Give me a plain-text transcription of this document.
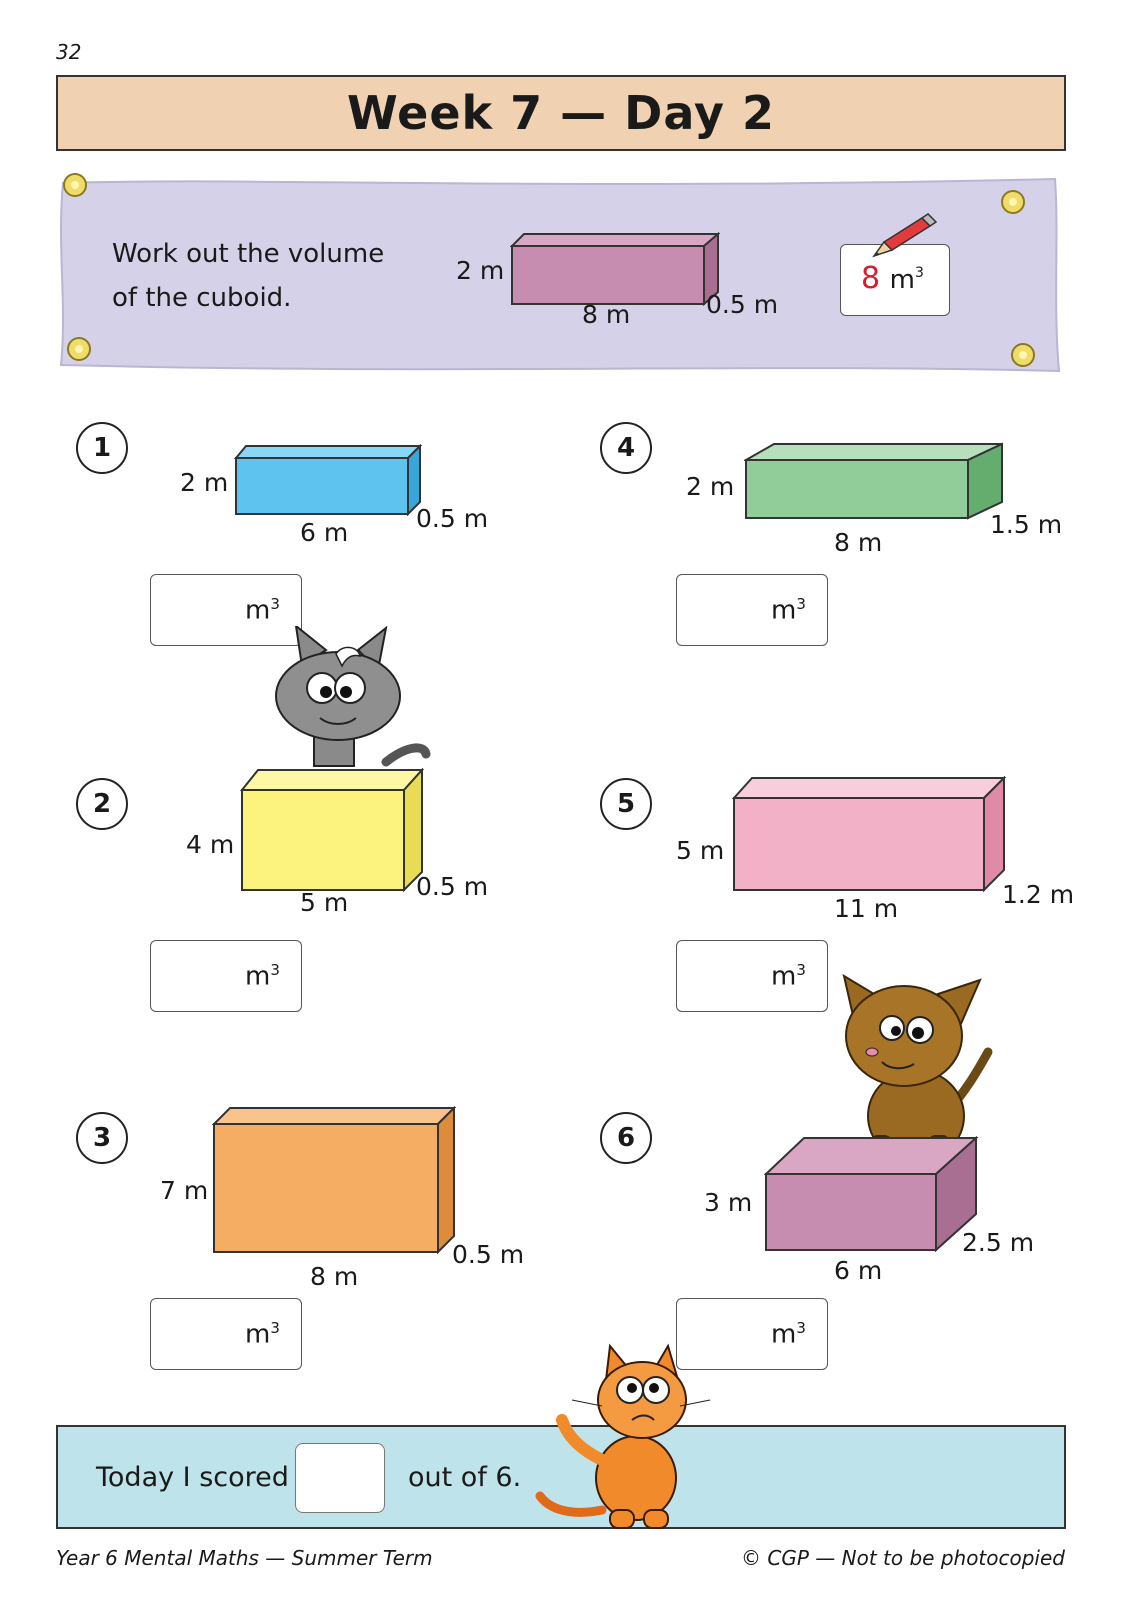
32
Week 7 — Day 2
Work out the volume
of the cuboid.
2 m
8 m	0.5 m
8 $m^3$
1
2 m
6 m	0.5 m
$m^3$
2
4 m
5 m
0.5 m
$m^3$
3
7 m
8 m
0.5 m
$m^3$
4
2 m
8 m
1.5 m
$m^3$
5
5 m
11 m	1.2 m
$m^3$
6
3 m
6 m
2.5 m
$m^3$
Today I scored	out of 6.
Year 6 Mental Maths — Summer Term	© CGP — Not to be photocopied
